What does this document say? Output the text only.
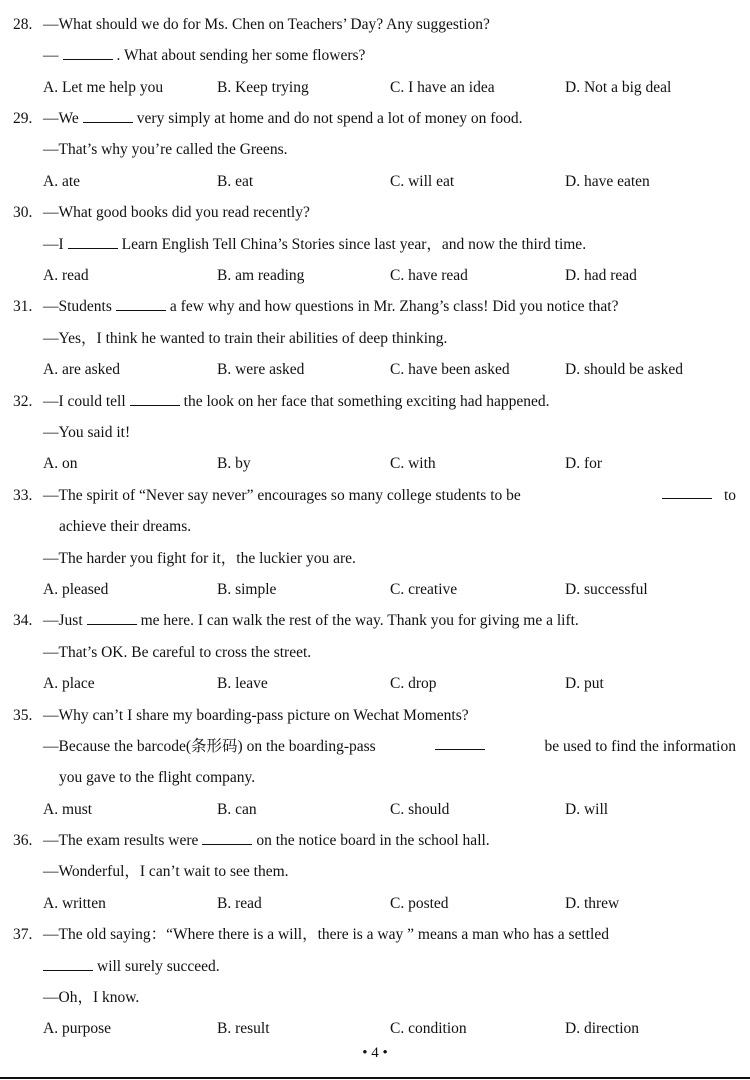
28. —What should we do for Ms. Chen on Teachers’ Day? Any suggestion?
—	. What about sending her some flowers?
A. Let me help you	B. Keep trying	C. I have an idea	D. Not a big deal
29. —We	very simply at home and do not spend a lot of money on food.
—That’s why you’re called the Greens.
A. ate	B. eat	C. will eat	D. have eaten
30. —What good books did you read recently?
—I	Learn English Tell China’s Stories since last year，and now the third time.
A. read	B. am reading	C. have read	D. had read
31. —Students	a few why and how questions in Mr. Zhang’s class! Did you notice that?
—Yes，I think he wanted to train their abilities of deep thinking.
A. are asked	B. were asked	C. have been asked	D. should be asked
32. —I could tell	the look on her face that something exciting had happened.
—You said it!
A. on	B. by	C. with	D. for
33. —The spirit of “Never say never” encourages so many college students to be	to
achieve their dreams.
—The harder you fight for it，the luckier you are.
A. pleased	B. simple	C. creative	D. successful
34. —Just	me here. I can walk the rest of the way. Thank you for giving me a lift.
—That’s OK. Be careful to cross the street.
A. place	B. leave	C. drop	D. put
35. —Why can’t I share my boarding-pass picture on Wechat Moments?
—Because the barcode(条形码) on the boarding-pass	be used to find the information
you gave to the flight company.
A. must	B. can	C. should	D. will
36. —The exam results were	on the notice board in the school hall.
—Wonderful，I can’t wait to see them.
A. written	B. read	C. posted	D. threw
37. —The old saying：“Where there is a will，there is a way ” means a man who has a settled
will surely succeed.
—Oh，I know.
A. purpose	B. result	C. condition	D. direction
• 4 •
